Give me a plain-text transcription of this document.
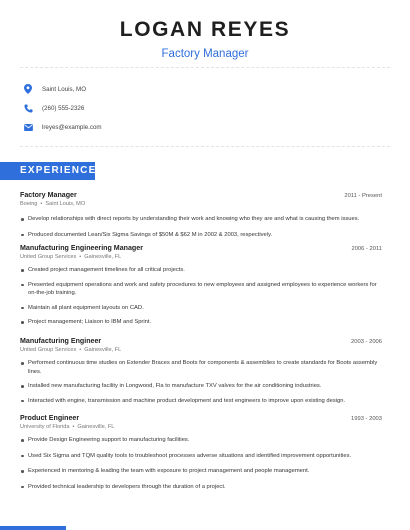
LOGAN REYES
Factory Manager
Saint Louis, MO
(260) 555-2326
lreyes@example.com
EXPERIENCE
Factory Manager	2011 - Present
Boeing • Saint Louis, MO
Develop relationships with direct reports by understanding their work and knowing who they are and what is causing them issues.
Produced documented Lean/Six Sigma Savings of $50M & $62 M in 2002 & 2003, respectively.
Manufacturing Engineering Manager	2006 - 2011
United Group Services • Gainesville, FL
Created project management timelines for all critical projects.
Presented equipment operations and work and safety procedures to new employees and assigned employees to experience workers for on-the-job training.
Maintain all plant equipment layouts on CAD.
Project management; Liaison to IBM and Sprint.
Manufacturing Engineer	2003 - 2006
United Group Services • Gainesville, FL
Performed continuous time studies on Extender Braces and Boots for components & assemblies to create standards for Boots assembly lines.
Installed new manufacturing facility in Longwood, Fla to manufacture TXV valves for the air conditioning industries.
Interacted with engine, transmission and machine product development and test engineers to improve upon existing design.
Product Engineer	1993 - 2003
University of Florida • Gainesville, FL
Provide Design Engineering support to manufacturing facilities.
Used Six Sigma and TQM quality tools to troubleshoot processes adverse situations and identified improvement opportunities.
Experienced in mentoring & leading the team with exposure to project management and people management.
Provided technical leadership to developers through the duration of a project.
